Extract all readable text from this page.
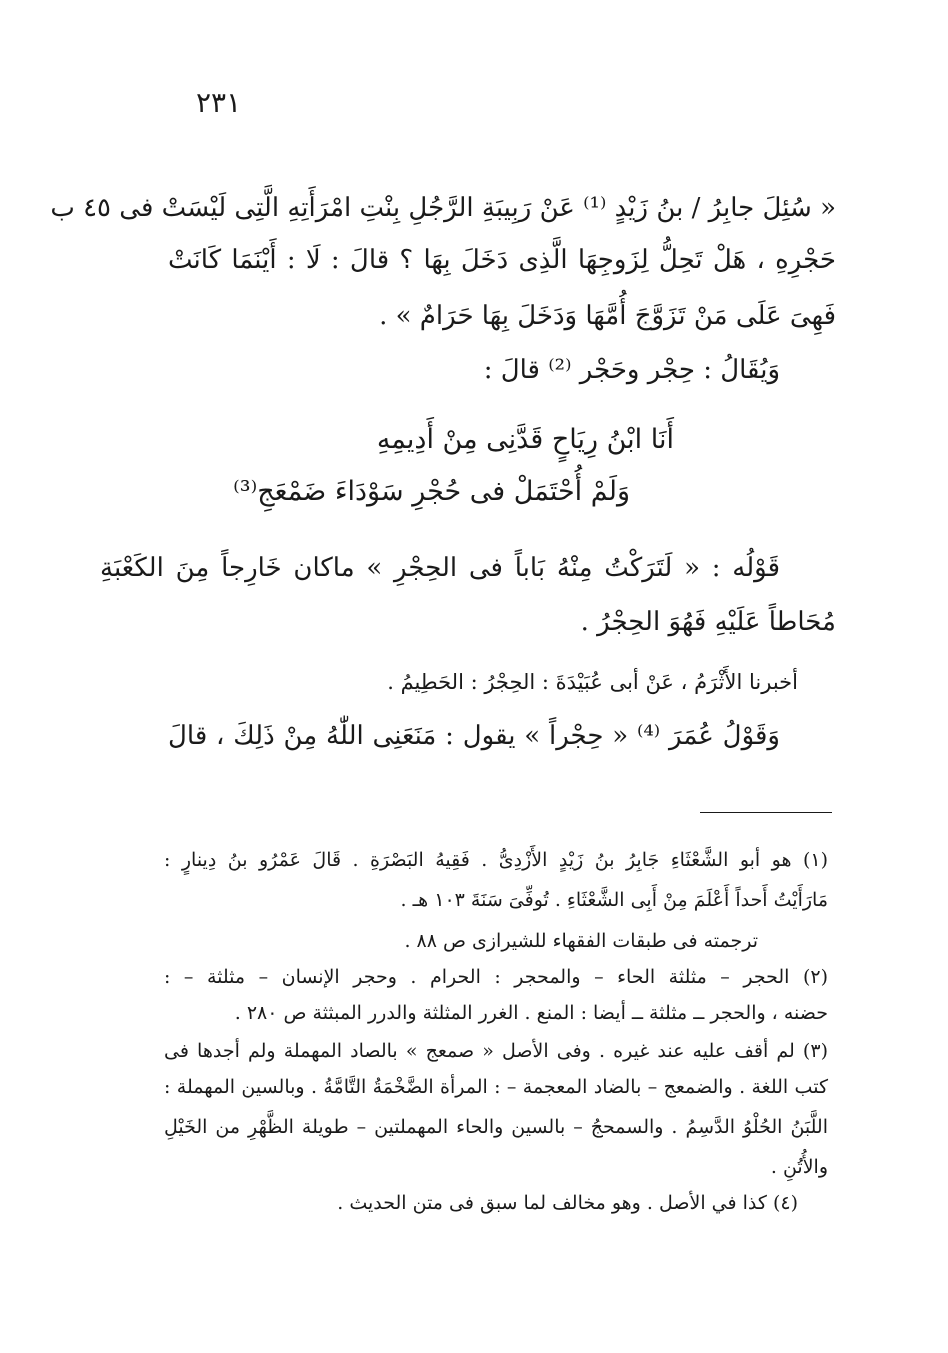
٢٣١
« سُئِلَ جابِرُ / بنُ زَيْدٍ ⁽¹⁾ عَنْ رَبِيبَةِ الرَّجُلِ بِنْتِ امْرَأَتِهِ الَّتِى لَيْسَتْ فى ٤٥ ب
حَجْرِهِ ، هَلْ تَحِلُّ لِزَوجِهَا الَّذِى دَخَلَ بِهَا ؟ قالَ : لَا : أَيْنَمَا كَانَتْ
فَهِىَ عَلَى مَنْ تَزَوَّجَ أُمَّهَا وَدَخَلَ بِهَا حَرَامٌ » .
وَيُقَالُ : حِجْر وحَجْر ⁽²⁾ قالَ :
أَنَا ابْنُ رِيَاحٍ قَدَّنِى مِنْ أَدِيمِهِ
وَلَمْ أُحْتَمَلْ فى حُجْرِ سَوْدَاءَ ضَمْعَجِ⁽³⁾
قَوْلُه : « لَتَرَكْتُ مِنْهُ بَاباً فى الحِجْرِ » ماكان خَارِجاً مِنَ الكَعْبَةِ
مُحَاطاً عَلَيْهِ فَهُوَ الحِجْرُ .
أخبرنا الأَثْرَمُ ، عَنْ أبى عُبَيْدَةَ : الحِجْرُ : الحَطِيمُ .
وَقَوْلُ عُمَرَ ⁽⁴⁾ « حِجْراً » يقول : مَنَعَنِى اللّٰهُ مِنْ ذَلِكَ ، قالَ
(١) هو أبو الشَّعْثَاءِ جَابِرُ بنُ زَيْدٍ الأَزْدِىُّ . فَقِيهُ البَصْرَةِ . قَالَ عَمْرُو بنُ دِينارٍ :
مَارَأَيْتُ أَحداً أَعْلَمَ مِنْ أَبِى الشَّعْثَاءِ . تُوفِّىَ سَنَةَ ١٠٣ هـ .
ترجمته فى طبقات الفقهاء للشيرازى ص ٨٨ .
(٢) الحجر – مثلثة الحاء – والمحجر : الحرام . وحجر الإنسان – مثلثة – :
حضنه ، والحجر ــ مثلثة ــ أيضا : المنع . الغرر المثلثة والدرر المبثثة ص ٢٨٠ .
(٣) لم أقف عليه عند غيره . وفى الأصل « صمعج » بالصاد المهملة ولم أجدها فى
كتب اللغة . والضمعج – بالضاد المعجمة – : المرأة الضَّخْمَةُ التَّامَّةُ . وبالسين المهملة :
اللَّبَنُ الحُلْوُ الدَّسِمُ . والسمحجُ – بالسين والحاء المهملتين – طويلة الظَّهْرِ من الخَيْلِ
والأُتُنِ .
(٤) كذا في الأصل . وهو مخالف لما سبق فى متن الحديث .
